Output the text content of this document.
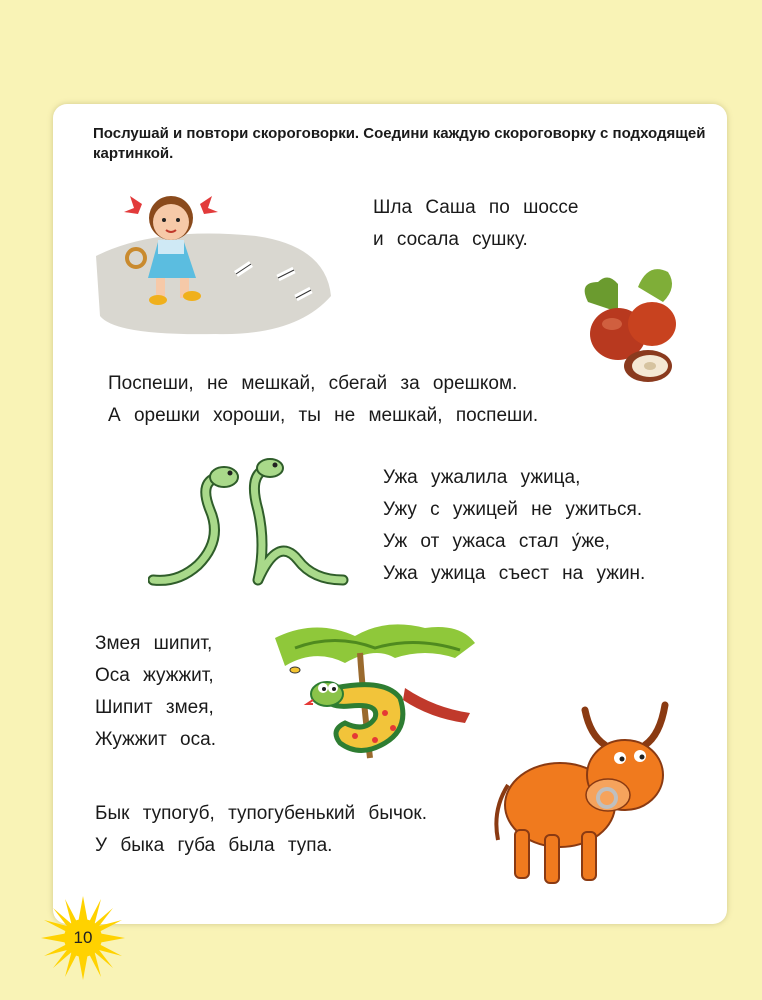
Послушай и повтори скороговорки. Соедини каждую скороговорку с подходящей картинкой.
Шла Саша по шоссе
и сосала сушку.
Поспеши, не мешкай, сбегай за орешком.
А орешки хороши, ты не мешкай, поспеши.
Ужа ужалила ужица,
Ужу с ужицей не ужиться.
Уж от ужаса стал у́же,
Ужа ужица съест на ужин.
Змея шипит,
Оса жужжит,
Шипит змея,
Жужжит оса.
Бык тупогуб, тупогубенький бычок.
У быка губа была тупа.
10
